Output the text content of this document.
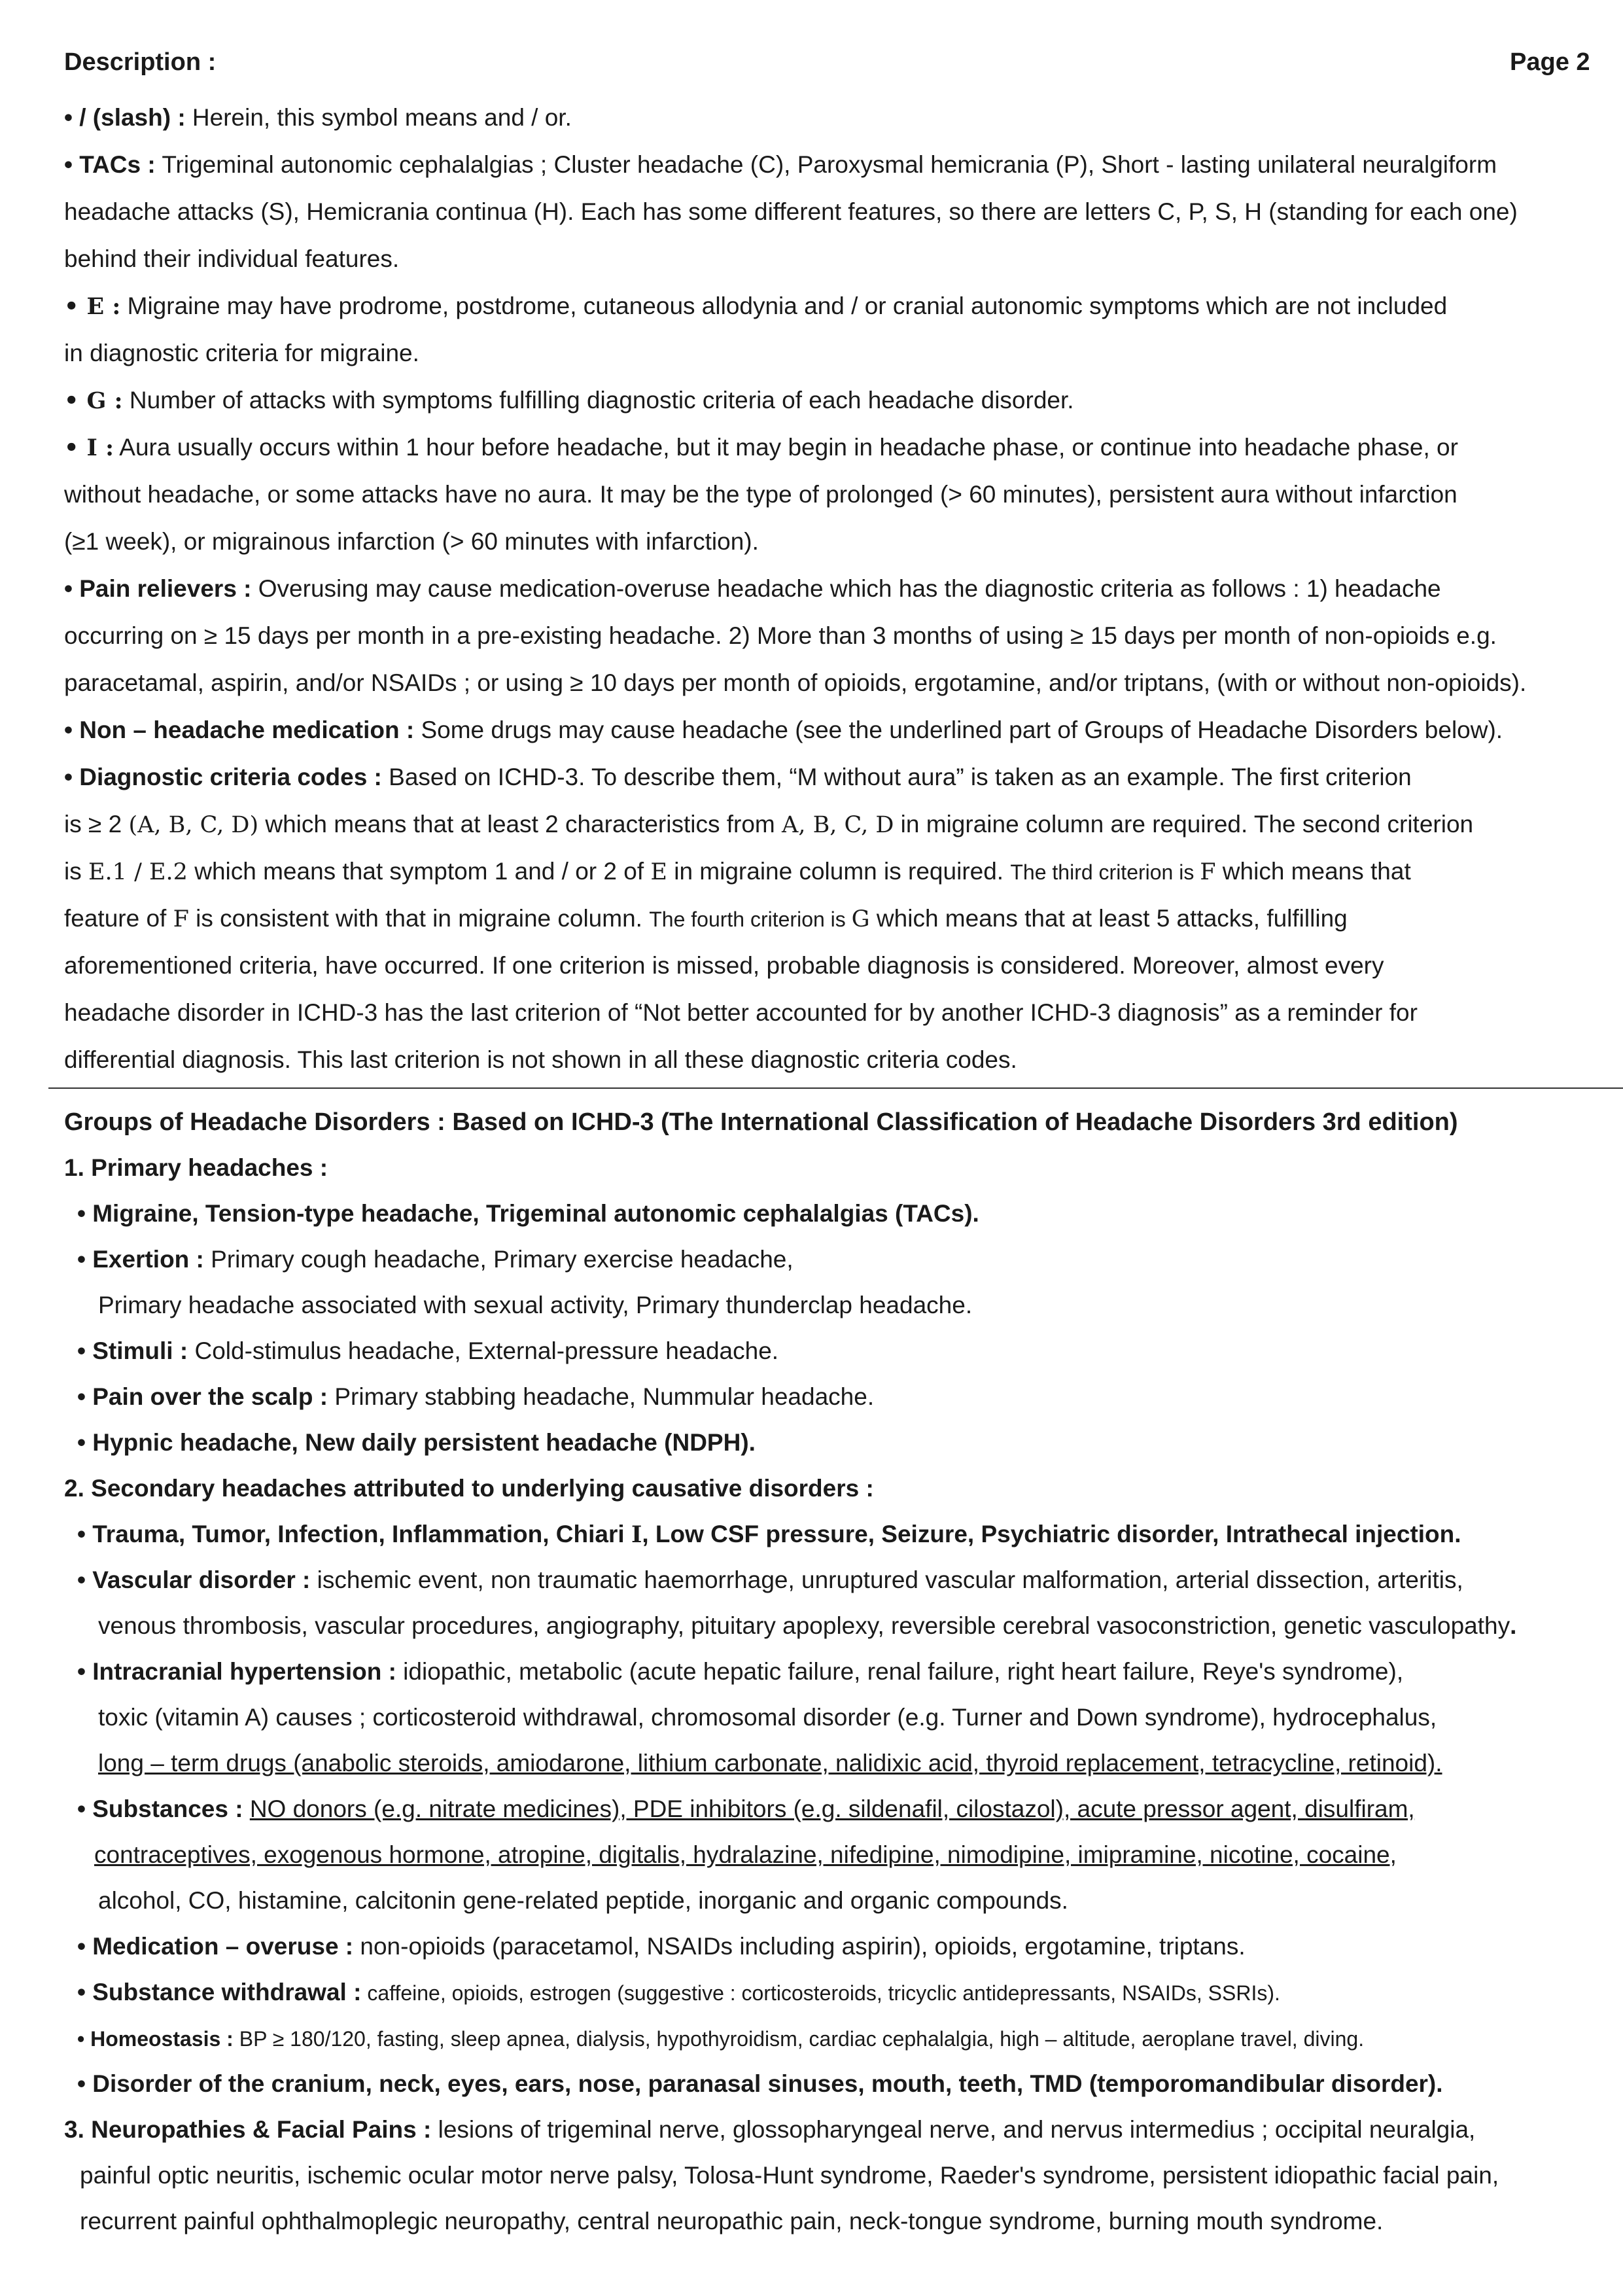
Description :	Page 2
• / (slash) : Herein, this symbol means and / or.
• TACs : Trigeminal autonomic cephalalgias ; Cluster headache (C), Paroxysmal hemicrania (P), Short - lasting unilateral neuralgiform
headache attacks (S), Hemicrania continua (H). Each has some different features, so there are letters C, P, S, H (standing for each one)
behind their individual features.
• E : Migraine may have prodrome, postdrome, cutaneous allodynia and / or cranial autonomic symptoms which are not included
in diagnostic criteria for migraine.
• G : Number of attacks with symptoms fulfilling diagnostic criteria of each headache disorder.
• I : Aura usually occurs within 1 hour before headache, but it may begin in headache phase, or continue into headache phase, or
without headache, or some attacks have no aura. It may be the type of prolonged (> 60 minutes), persistent aura without infarction
(≥1 week), or migrainous infarction (> 60 minutes with infarction).
• Pain relievers : Overusing may cause medication-overuse headache which has the diagnostic criteria as follows : 1) headache
occurring on ≥ 15 days per month in a pre-existing headache. 2) More than 3 months of using ≥ 15 days per month of non-opioids e.g.
paracetamal, aspirin, and/or NSAIDs ; or using ≥ 10 days per month of opioids, ergotamine, and/or triptans, (with or without non-opioids).
• Non – headache medication : Some drugs may cause headache (see the underlined part of Groups of Headache Disorders below).
• Diagnostic criteria codes : Based on ICHD-3. To describe them, “M without aura” is taken as an example. The first criterion
is ≥ 2 (A, B, C, D) which means that at least 2 characteristics from A, B, C, D in migraine column are required. The second criterion
is E.1 / E.2 which means that symptom 1 and / or 2 of E in migraine column is required. The third criterion is F which means that
feature of F is consistent with that in migraine column. The fourth criterion is G which means that at least 5 attacks, fulfilling
aforementioned criteria, have occurred. If one criterion is missed, probable diagnosis is considered. Moreover, almost every
headache disorder in ICHD-3 has the last criterion of “Not better accounted for by another ICHD-3 diagnosis” as a reminder for
differential diagnosis. This last criterion is not shown in all these diagnostic criteria codes.
Groups of Headache Disorders : Based on ICHD-3 (The International Classification of Headache Disorders 3rd edition)
1. Primary headaches :
• Migraine, Tension-type headache, Trigeminal autonomic cephalalgias (TACs).
• Exertion : Primary cough headache, Primary exercise headache,
Primary headache associated with sexual activity, Primary thunderclap headache.
• Stimuli : Cold-stimulus headache, External-pressure headache.
• Pain over the scalp : Primary stabbing headache, Nummular headache.
• Hypnic headache, New daily persistent headache (NDPH).
2. Secondary headaches attributed to underlying causative disorders :
• Trauma, Tumor, Infection, Inflammation, Chiari I, Low CSF pressure, Seizure, Psychiatric disorder, Intrathecal injection.
• Vascular disorder : ischemic event, non traumatic haemorrhage, unruptured vascular malformation, arterial dissection, arteritis,
venous thrombosis, vascular procedures, angiography, pituitary apoplexy, reversible cerebral vasoconstriction, genetic vasculopathy.
• Intracranial hypertension : idiopathic, metabolic (acute hepatic failure, renal failure, right heart failure, Reye's syndrome),
toxic (vitamin A) causes ; corticosteroid withdrawal, chromosomal disorder (e.g. Turner and Down syndrome), hydrocephalus,
long – term drugs (anabolic steroids, amiodarone, lithium carbonate, nalidixic acid, thyroid replacement, tetracycline, retinoid).
• Substances : NO donors (e.g. nitrate medicines), PDE inhibitors (e.g. sildenafil, cilostazol), acute pressor agent, disulfiram,
contraceptives, exogenous hormone, atropine, digitalis, hydralazine, nifedipine, nimodipine, imipramine, nicotine, cocaine,
alcohol, CO, histamine, calcitonin gene-related peptide, inorganic and organic compounds.
• Medication – overuse : non-opioids (paracetamol, NSAIDs including aspirin), opioids, ergotamine, triptans.
• Substance withdrawal : caffeine, opioids, estrogen (suggestive : corticosteroids, tricyclic antidepressants, NSAIDs, SSRIs).
• Homeostasis : BP ≥ 180/120, fasting, sleep apnea, dialysis, hypothyroidism, cardiac cephalalgia, high – altitude, aeroplane travel, diving.
• Disorder of the cranium, neck, eyes, ears, nose, paranasal sinuses, mouth, teeth, TMD (temporomandibular disorder).
3. Neuropathies & Facial Pains : lesions of trigeminal nerve, glossopharyngeal nerve, and nervus intermedius ; occipital neuralgia,
painful optic neuritis, ischemic ocular motor nerve palsy, Tolosa-Hunt syndrome, Raeder's syndrome, persistent idiopathic facial pain,
recurrent painful ophthalmoplegic neuropathy, central neuropathic pain, neck-tongue syndrome, burning mouth syndrome.
